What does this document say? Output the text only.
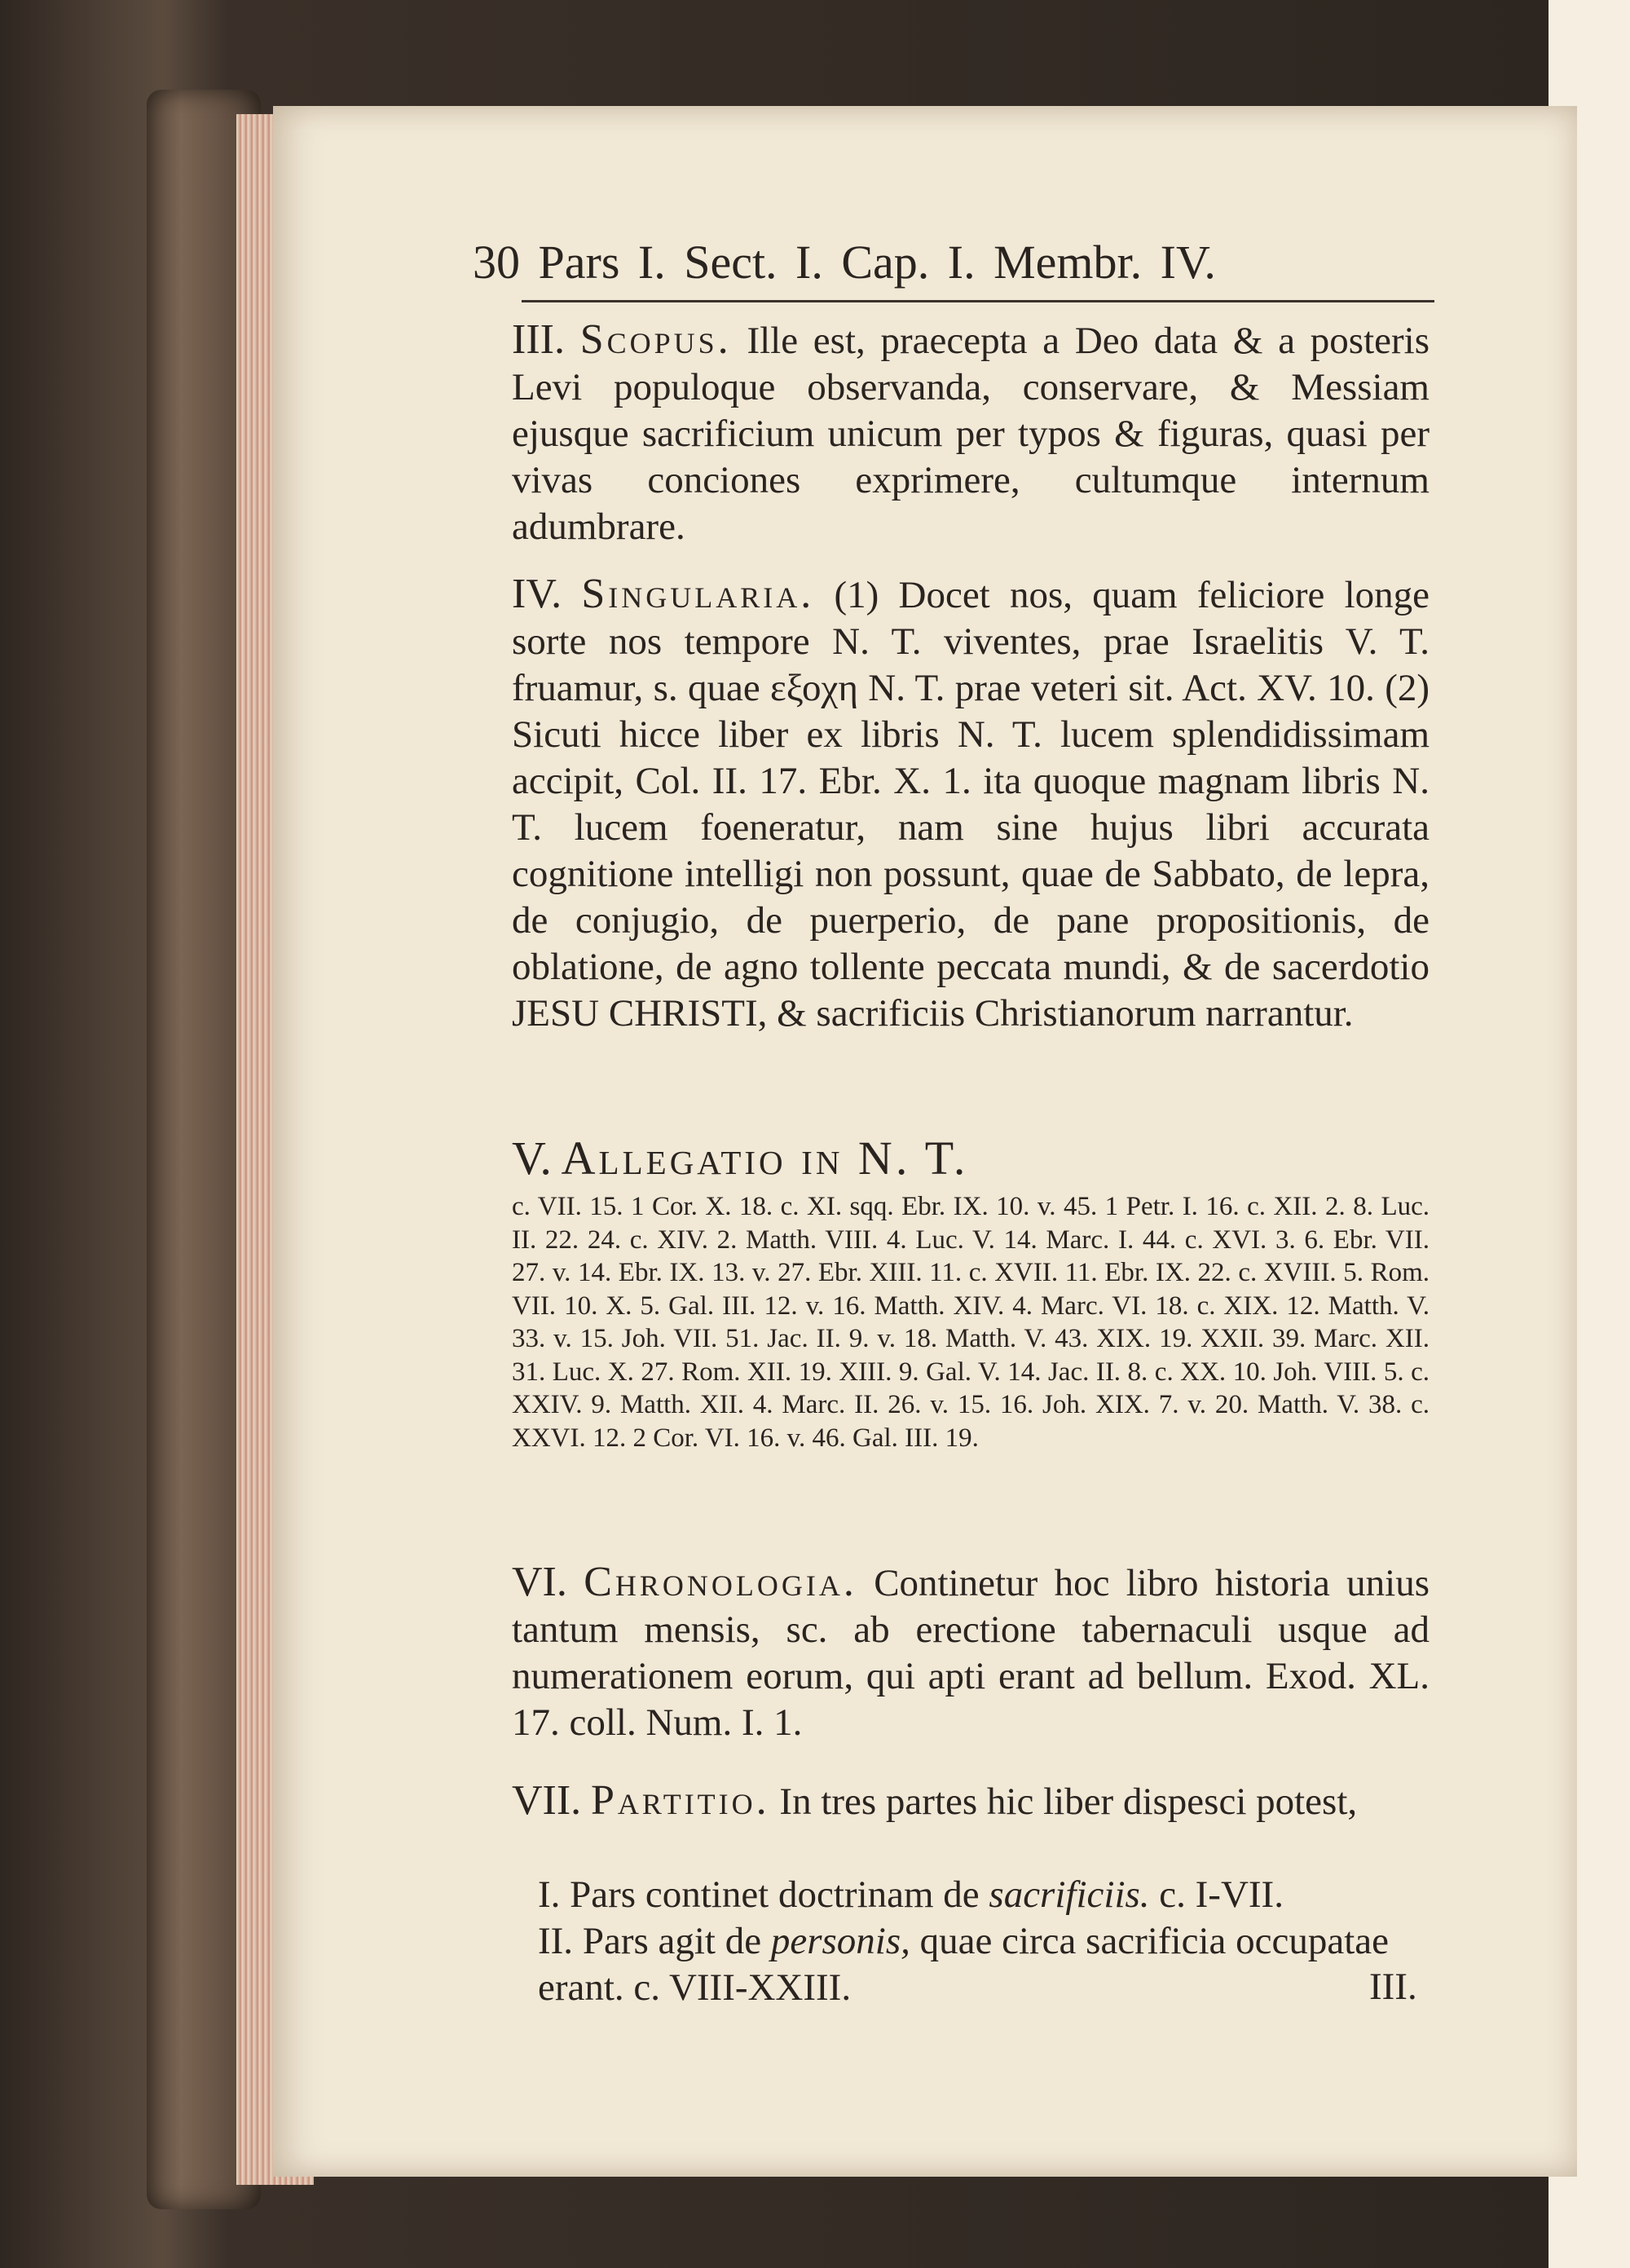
30 Pars I. Sect. I. Cap. I. Membr. IV.
III. Scopus. Ille est, praecepta a Deo data & a posteris Levi populoque observanda, conservare, & Messiam ejusque sacrificium unicum per typos & figuras, quasi per vivas conciones exprimere, cultumque internum adumbrare.
IV. Singularia. (1) Docet nos, quam feliciore longe sorte nos tempore N. T. viventes, prae Israelitis V. T. fruamur, s. quae εξοχη N. T. prae veteri sit. Act. XV. 10. (2) Sicuti hicce liber ex libris N. T. lucem splendidissimam accipit, Col. II. 17. Ebr. X. 1. ita quoque magnam libris N. T. lucem foeneratur, nam sine hujus libri accurata cognitione intelligi non possunt, quae de Sabbato, de lepra, de conjugio, de puerperio, de pane propositionis, de oblatione, de agno tollente peccata mundi, & de sacerdotio JESU CHRISTI, & sacrificiis Christianorum narrantur.
V. Allegatio in N. T.
c. VII. 15. 1 Cor. X. 18. c. XI. sqq. Ebr. IX. 10. v. 45. 1 Petr. I. 16. c. XII. 2. 8. Luc. II. 22. 24. c. XIV. 2. Matth. VIII. 4. Luc. V. 14. Marc. I. 44. c. XVI. 3. 6. Ebr. VII. 27. v. 14. Ebr. IX. 13. v. 27. Ebr. XIII. 11. c. XVII. 11. Ebr. IX. 22. c. XVIII. 5. Rom. VII. 10. X. 5. Gal. III. 12. v. 16. Matth. XIV. 4. Marc. VI. 18. c. XIX. 12. Matth. V. 33. v. 15. Joh. VII. 51. Jac. II. 9. v. 18. Matth. V. 43. XIX. 19. XXII. 39. Marc. XII. 31. Luc. X. 27. Rom. XII. 19. XIII. 9. Gal. V. 14. Jac. II. 8. c. XX. 10. Joh. VIII. 5. c. XXIV. 9. Matth. XII. 4. Marc. II. 26. v. 15. 16. Joh. XIX. 7. v. 20. Matth. V. 38. c. XXVI. 12. 2 Cor. VI. 16. v. 46. Gal. III. 19.
VI. Chronologia. Continetur hoc libro historia unius tantum mensis, sc. ab erectione tabernaculi usque ad numerationem eorum, qui apti erant ad bellum. Exod. XL. 17. coll. Num. I. 1.
VII. Partitio. In tres partes hic liber dispesci potest,
I. Pars continet doctrinam de sacrificiis. c. I-VII.
II. Pars agit de personis, quae circa sacrificia occupatae erant. c. VIII-XXIII.	III.
